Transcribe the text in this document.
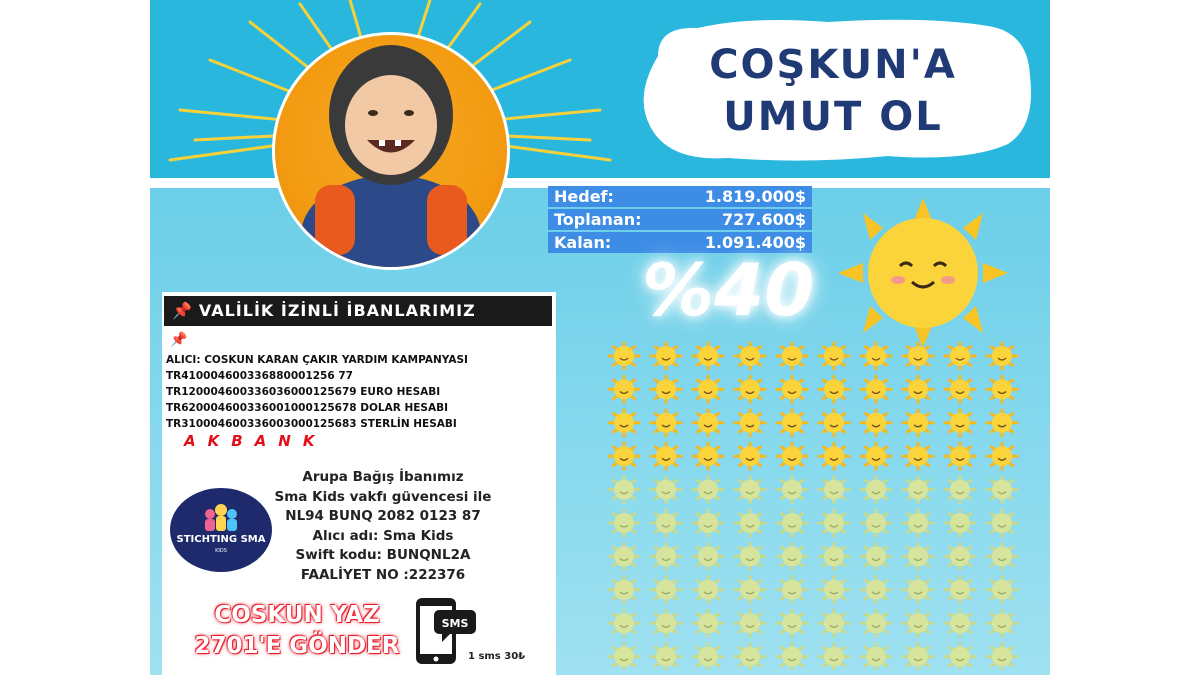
COŞKUN'A
UMUT OL
Hedef:	1.819.000$
Toplanan:	727.600$
Kalan:	1.091.400$
%40
📌 VALİLİK İZİNLİ İBANLARIMIZ
📌
ALICI: COSKUN KARAN ÇAKIR YARDIM KAMPANYASI
TR410004600336880001256 77
TR120004600336036000125679 EURO HESABI
TR620004600336001000125678 DOLAR HESABI
TR310004600336003000125683 STERLİN HESABI
AKBANK
STICHTING SMA
KIDS
Arupa Bağış İbanımız
Sma Kids vakfı güvencesi ile
NL94 BUNQ 2082 0123 87
Alıcı adı: Sma Kids
Swift kodu: BUNQNL2A
FAALİYET NO :222376
COSKUN YAZ
2701'E GÖNDER
SMS
1 sms 30₺
